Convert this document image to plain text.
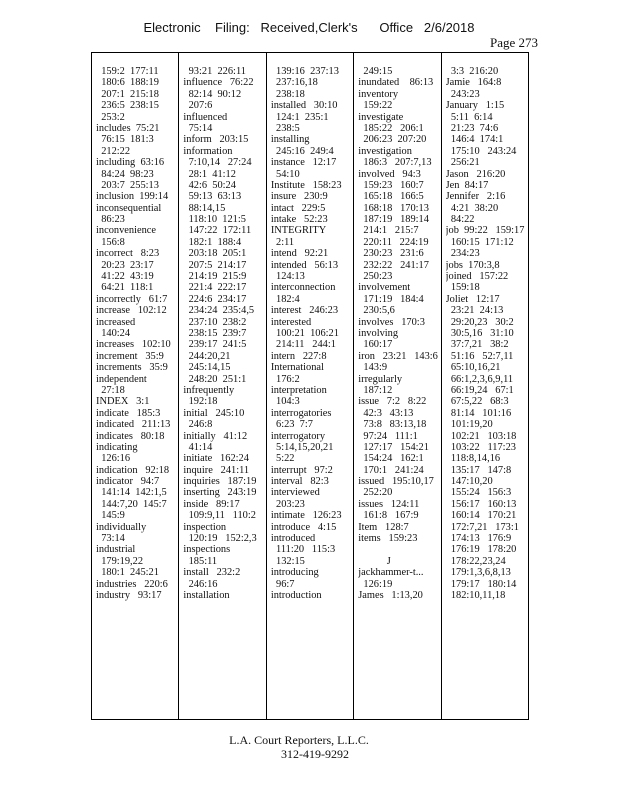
Electronic    Filing:   Received,Clerk's      Office   2/6/2018
Page 273
159:2  177:11
180:6  188:19
207:1  215:18
236:5  238:15
253:2
includes  75:21
76:15  181:3
212:22
including  63:16
84:24  98:23
203:7  255:13
inclusion  199:14
inconsequential
86:23
inconvenience
156:8
incorrect   8:23
20:23  23:17
41:22  43:19
64:21  118:1
incorrectly   61:7
increase   102:12
increased
140:24
increases   102:10
increment   35:9
increments   35:9
independent
27:18
INDEX   3:1
indicate   185:3
indicated   211:13
indicates   80:18
indicating
126:16
indication   92:18
indicator   94:7
141:14  142:1,5
144:7,20  145:7
145:9
individually
73:14
industrial
179:19,22
180:1  245:21
industries   220:6
industry   93:17
93:21  226:11
influence   76:22
82:14  90:12
207:6
influenced
75:14
inform   203:15
information
7:10,14   27:24
28:1  41:12
42:6  50:24
59:13  63:13
88:14,15
118:10  121:5
147:22  172:11
182:1  188:4
203:18  205:1
207:5  214:17
214:19  215:9
221:4  222:17
224:6  234:17
234:24  235:4,5
237:10  238:2
238:15  239:7
239:17  241:5
244:20,21
245:14,15
248:20  251:1
infrequently
192:18
initial   245:10
246:8
initially   41:12
41:14
initiate   162:24
inquire   241:11
inquiries   187:19
inserting   243:19
inside   89:17
109:9,11   110:2
inspection
120:19   152:2,3
inspections
185:11
install   232:2
246:16
installation
139:16  237:13
237:16,18
238:18
installed   30:10
124:1  235:1
238:5
installing
245:16  249:4
instance   12:17
54:10
Institute   158:23
insure   230:9
intact   229:5
intake   52:23
INTEGRITY
2:11
intend   92:21
intended   56:13
124:13
interconnection
182:4
interest   246:23
interested
100:21  106:21
214:11   244:1
intern   227:8
International
176:2
interpretation
104:3
interrogatories
6:23  7:7
interrogatory
5:14,15,20,21
5:22
interrupt   97:2
interval   82:3
interviewed
203:23
intimate   126:23
introduce   4:15
introduced
111:20   115:3
132:15
introducing
96:7
introduction
249:15
inundated    86:13
inventory
159:22
investigate
185:22   206:1
206:23  207:20
investigation
186:3   207:7,13
involved   94:3
159:23   160:7
165:18   166:5
168:18   170:13
187:19   189:14
214:1   215:7
220:11   224:19
230:23   231:6
232:22   241:17
250:23
involvement
171:19   184:4
230:5,6
involves   170:3
involving
160:17
iron   23:21   143:6
143:9
irregularly
187:12
issue   7:2   8:22
42:3   43:13
73:8   83:13,18
97:24   111:1
127:17   154:21
154:24   162:1
170:1   241:24
issued   195:10,17
252:20
issues   124:11
161:8   167:9
Item   128:7
items   159:23
J
jackhammer-t...
126:19
James   1:13,20
3:3  216:20
Jamie   164:8
243:23
January   1:15
5:11  6:14
21:23  74:6
146:4  174:1
175:10   243:24
256:21
Jason   216:20
Jen  84:17
Jennifer   2:16
4:21  38:20
84:22
job  99:22   159:17
160:15  171:12
234:23
jobs  170:3,8
joined   157:22
159:18
Joliet   12:17
23:21  24:13
29:20,23   30:2
30:5,16   31:10
37:7,21   38:2
51:16   52:7,11
65:10,16,21
66:1,2,3,6,9,11
66:19,24   67:1
67:5,22   68:3
81:14   101:16
101:19,20
102:21   103:18
103:22   117:23
118:8,14,16
135:17   147:8
147:10,20
155:24   156:3
156:17   160:13
160:14   170:21
172:7,21   173:1
174:13   176:9
176:19   178:20
178:22,23,24
179:1,3,6,8,13
179:17   180:14
182:10,11,18
L.A. Court Reporters, L.L.C.
312-419-9292
